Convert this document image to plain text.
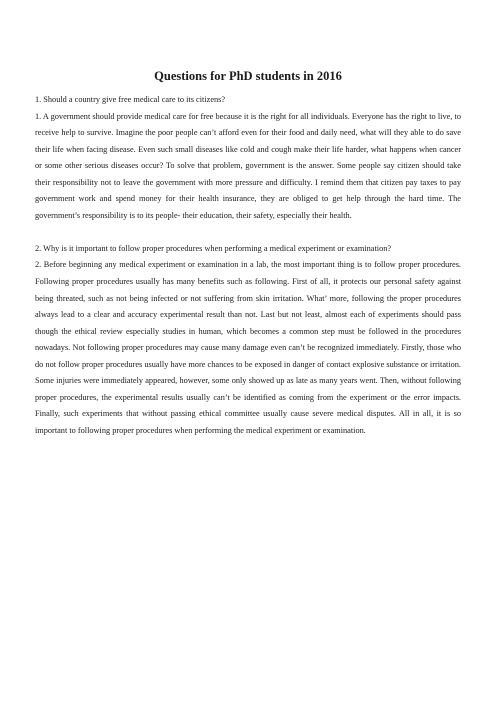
Questions for PhD students in 2016

1. Should a country give free medical care to its citizens?

1. A government should provide medical care for free because it is the right for all individuals. Everyone has the right to live, to receive help to survive. Imagine the poor people can’t afford even for their food and daily need, what will they able to do save their life when facing disease. Even such small diseases like cold and cough make their life harder, what happens when cancer or some other serious diseases occur? To solve that problem, government is the answer. Some people say citizen should take their responsibility not to leave the government with more pressure and difficulty. I remind them that citizen pay taxes to pay government work and spend money for their health insurance, they are obliged to get help through the hard time. The government’s responsibility is to its people- their education, their safety, especially their health.

2. Why is it important to follow proper procedures when performing a medical experiment or examination?

2. Before beginning any medical experiment or examination in a lab, the most important thing is to follow proper procedures. Following proper procedures usually has many benefits such as following. First of all, it protects our personal safety against being threated, such as not being infected or not suffering from skin irritation. What’ more, following the proper procedures always lead to a clear and accuracy experimental result than not. Last but not least, almost each of experiments should pass though the ethical review especially studies in human, which becomes a common step must be followed in the procedures nowadays. Not following proper procedures may cause many damage even can’t be recognized immediately. Firstly, those who do not follow proper procedures usually have more chances to be exposed in danger of contact explosive substance or irritation. Some injuries were immediately appeared, however, some only showed up as late as many years went. Then, without following proper procedures, the experimental results usually can’t be identified as coming from the experiment or the error impacts. Finally, such experiments that without passing ethical committee usually cause severe medical disputes. All in all, it is so important to following proper procedures when performing the medical experiment or examination.
